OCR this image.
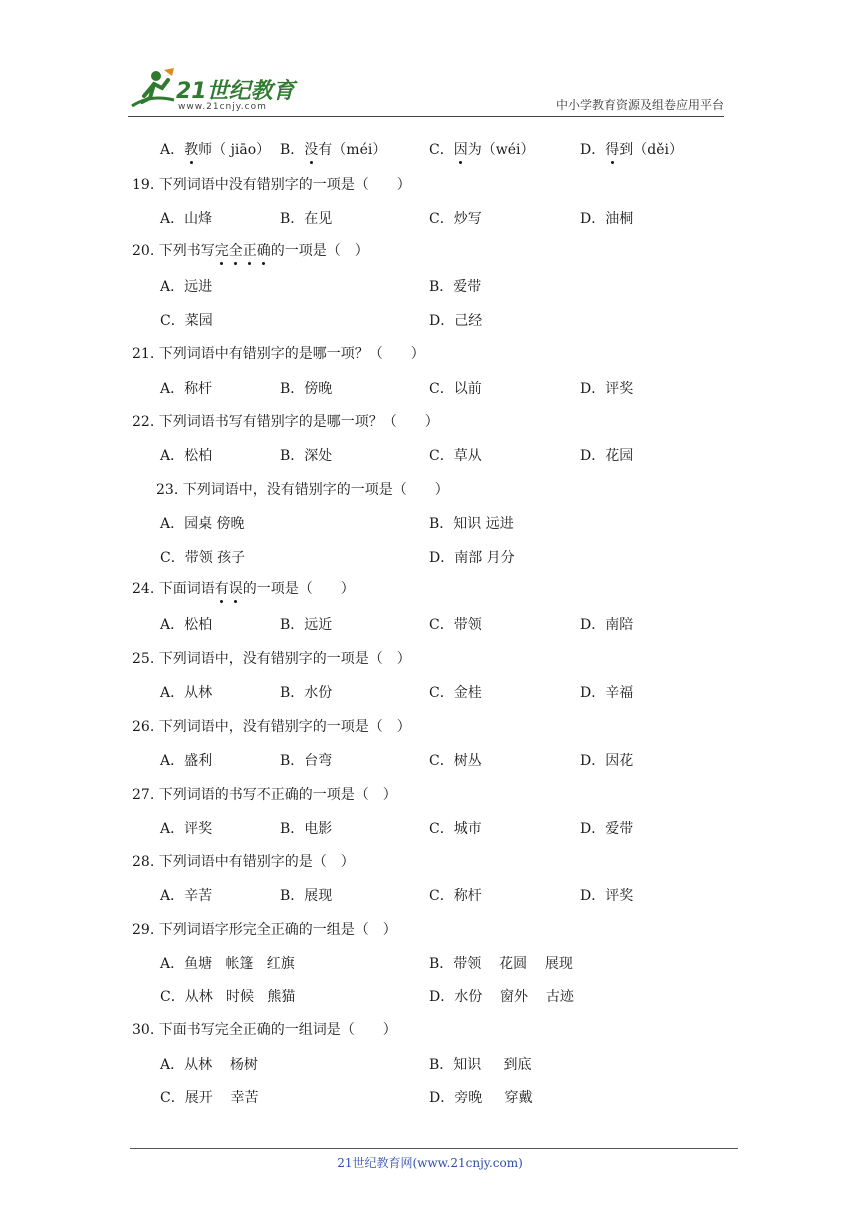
21世纪教育
www.21cnjy.com	中小学教育资源及组卷应用平台
A．教师（ jiāo） B．没有（méi）	C．因为（wéi）	D．得到（děi）
19. 下列词语中没有错别字的一项是（　　）
A．山烽	B．在见	C．炒写	D．油桐
20. 下列书写完全正确的一项是（　）
A．远进	B．爱带
C．菜园	D．己经
21. 下列词语中有错别字的是哪一项？（　　）
A．称杆	B．傍晚	C．以前	D．评奖
22. 下列词语书写有错别字的是哪一项？（　　）
A．松柏	B．深处	C．草从	D．花园
23. 下列词语中，没有错别字的一项是（　　）
A．园桌 傍晚	B．知识 远进
C．带领 孩子	D．南部 月分
24. 下面词语有误的一项是（　　）
A．松柏	B．远近	C．带领	D．南陪
25. 下列词语中，没有错别字的一项是（　）
A．从林	B．水份	C．金桂	D．辛福
26. 下列词语中，没有错别字的一项是（　）
A．盛利	B．台弯	C．树丛	D．因花
27. 下列词语的书写不正确的一项是（　）
A．评奖	B．电影	C．城市	D．爱带
28. 下列词语中有错别字的是（　）
A．辛苦	B．展现	C．称杆	D．评奖
29. 下列词语字形完全正确的一组是（　）
A．鱼塘   帐篷   红旗	B．带领    花圆    展现
C．从林   时候   熊猫	D．水份    窗外    古迹
30. 下面书写完全正确的一组词是（　　）
A．从林    杨树	B．知识     到底
C．展开    幸苦	D．旁晚     穿戴
21世纪教育网(www.21cnjy.com)
